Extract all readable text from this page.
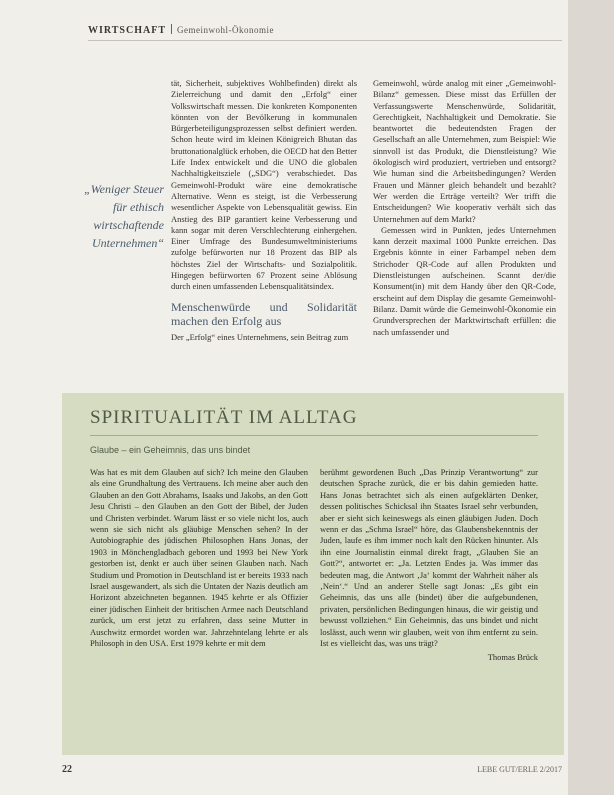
WIRTSCHAFT Gemeinwohl-Ökonomie
„Weniger Steuer für ethisch wirtschaftende Unternehmen“

tät, Sicherheit, subjektives Wohlbefinden) direkt als Zielerreichung und damit den „Erfolg“ einer Volkswirtschaft messen. Die konkreten Komponenten könnten von der Bevölkerung in kommunalen Bürgerbeteiligungsprozessen selbst definiert werden. Schon heute wird im kleinen Königreich Bhutan das bruttonationalglück erhoben, die OECD hat den Better Life Index entwickelt und die UNO die globalen Nachhaltigkeitsziele („SDG“) verabschiedet. Das Gemeinwohl-Produkt wäre eine demokratische Alternative. Wenn es steigt, ist die Verbesserung wesentlicher Aspekte von Lebensqualität gewiss. Ein Anstieg des BIP garantiert keine Verbesserung und kann sogar mit deren Verschlechterung einhergehen. Einer Umfrage des Bundesumweltministeriums zufolge befürworten nur 18 Prozent das BIP als höchstes Ziel der Wirtschafts- und Sozialpolitik. Hingegen befürworten 67 Prozent seine Ablösung durch einen umfassenden Lebensqualitätsindex.

Menschenwürde und Solidarität machen den Erfolg aus

Der „Erfolg“ eines Unternehmens, sein Beitrag zum

Gemeinwohl, würde analog mit einer „Gemeinwohl-Bilanz“ gemessen. Diese misst das Erfüllen der Verfassungswerte Menschenwürde, Solidarität, Gerechtigkeit, Nachhaltigkeit und Demokratie. Sie beantwortet die bedeutendsten Fragen der Gesellschaft an alle Unternehmen, zum Beispiel: Wie sinnvoll ist das Produkt, die Dienstleistung? Wie ökologisch wird produziert, vertrieben und entsorgt? Wie human sind die Arbeitsbedingungen? Werden Frauen und Männer gleich behandelt und bezahlt? Wer werden die Erträge verteilt? Wer trifft die Entscheidungen? Wie kooperativ verhält sich das Unternehmen auf dem Markt?

Gemessen wird in Punkten, jedes Unternehmen kann derzeit maximal 1000 Punkte erreichen. Das Ergebnis könnte in einer Farbampel neben dem Strichoder QR-Code auf allen Produkten und Dienstleistungen aufscheinen. Scannt der/die Konsument(in) mit dem Handy über den QR-Code, erscheint auf dem Display die gesamte Gemeinwohl-Bilanz. Damit würde die Gemeinwohl-Ökonomie ein Grundversprechen der Marktwirtschaft erfüllen: die nach umfassender und

SPIRITUALITÄT IM ALLTAG
Glaube – ein Geheimnis, das uns bindet

Was hat es mit dem Glauben auf sich? Ich meine den Glauben als eine Grundhaltung des Vertrauens. Ich meine aber auch den Glauben an den Gott Abrahams, Isaaks und Jakobs, an den Gott Jesu Christi – den Glauben an den Gott der Bibel, der Juden und Christen verbindet. Warum lässt er so viele nicht los, auch wenn sie sich nicht als gläubige Menschen sehen? In der Autobiographie des jüdischen Philosophen Hans Jonas, der 1903 in Mönchengladbach geboren und 1993 bei New York gestorben ist, denkt er auch über seinen Glauben nach. Nach Studium und Promotion in Deutschland ist er bereits 1933 nach Israel ausgewandert, als sich die Untaten der Nazis deutlich am Horizont abzeichneten begannen. 1945 kehrte er als Offizier einer jüdischen Einheit der britischen Armee nach Deutschland zurück, um erst jetzt zu erfahren, dass seine Mutter in Auschwitz ermordet worden war. Jahrzehntelang lehrte er als Philosoph in den USA. Erst 1979 kehrte er mit dem

berühmt gewordenen Buch „Das Prinzip Verantwortung“ zur deutschen Sprache zurück, die er bis dahin gemieden hatte. Hans Jonas betrachtet sich als einen aufgeklärten Denker, dessen politisches Schicksal ihn Staates Israel sehr verbunden, aber er sieht sich keineswegs als einen gläubigen Juden. Doch wenn er das „Schma Israel“ höre, das Glaubensbekenntnis der Juden, laufe es ihm immer noch kalt den Rücken hinunter. Als ihn eine Journalistin einmal direkt fragt, „Glauben Sie an Gott?“, antwortet er: „Ja. Letzten Endes ja. Was immer das bedeuten mag, die Antwort ‚Ja‘ kommt der Wahrheit näher als ‚Nein‘.“ Und an anderer Stelle sagt Jonas: „Es gibt ein Geheimnis, das uns alle (bindet) über die aufgebundenen, privaten, persönlichen Bedingungen hinaus, die wir geistig und bewusst vollziehen.“ Ein Geheimnis, das uns bindet und nicht loslässt, auch wenn wir glauben, weit von ihm entfernt zu sein. Ist es vielleicht das, was uns trägt?

Thomas Brück
22	LEBE GUT/ERLE 2/2017
